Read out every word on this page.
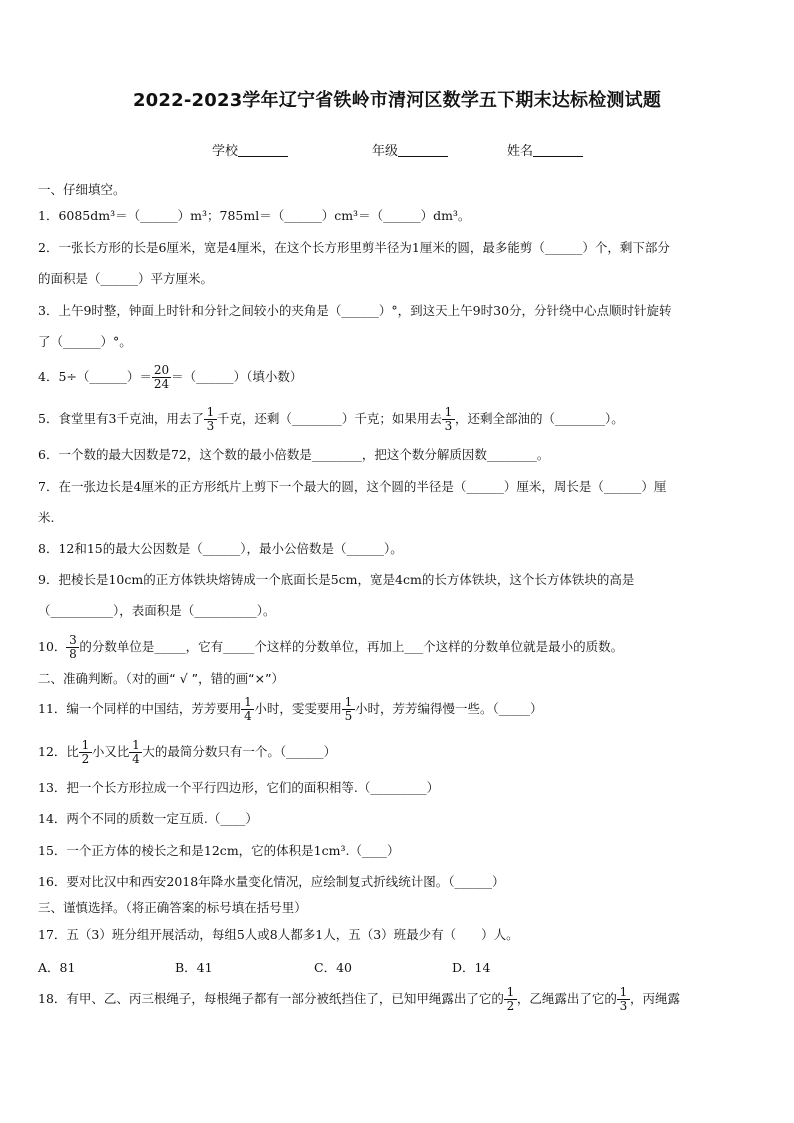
2022-2023学年辽宁省铁岭市清河区数学五下期末达标检测试题
学校	年级	姓名
一、仔细填空。
1．6085dm³＝（______）m³；785ml＝（______）cm³＝（______）dm³。
2．一张长方形的长是6厘米，宽是4厘米，在这个长方形里剪半径为1厘米的圆，最多能剪（______）个，剩下部分
的面积是（______）平方厘米。
3．上午9时整，钟面上时针和分针之间较小的夹角是（______）°，到这天上午9时30分，分针绕中心点顺时针旋转
了（______）°。
4．5÷（______）＝ $\frac{20}{24}$ ＝（______）（填小数）
5．食堂里有3千克油，用去了 $\frac{1}{3}$ 千克，还剩（________）千克；如果用去 $\frac{1}{3}$ ，还剩全部油的（________）。
6．一个数的最大因数是72，这个数的最小倍数是________，把这个数分解质因数________。
7．在一张边长是4厘米的正方形纸片上剪下一个最大的圆，这个圆的半径是（______）厘米，周长是（______）厘
米.
8．12和15的最大公因数是（______），最小公倍数是（______）。
9．把棱长是10cm的正方体铁块熔铸成一个底面长是5cm，宽是4cm的长方体铁块，这个长方体铁块的高是
（__________），表面积是（__________）。
10． $\frac{3}{8}$ 的分数单位是_____，它有_____个这样的分数单位，再加上___个这样的分数单位就是最小的质数。
二、准确判断。（对的画“ √ ”，错的画“×”）
11．编一个同样的中国结，芳芳要用 $\frac{1}{4}$ 小时，雯雯要用 $\frac{1}{5}$ 小时，芳芳编得慢一些。（_____）
12．比 $\frac{1}{2}$ 小又比 $\frac{1}{4}$ 大的最简分数只有一个。（______）
13．把一个长方形拉成一个平行四边形，它们的面积相等.（_________）
14．两个不同的质数一定互质.（____）
15．一个正方体的棱长之和是12cm，它的体积是1cm³.（____）
16．要对比汉中和西安2018年降水量变化情况，应绘制复式折线统计图。（______）
三、谨慎选择。（将正确答案的标号填在括号里）
17．五（3）班分组开展活动，每组5人或8人都多1人，五（3）班最少有（　　）人。
A．81	B．41	C．40	D．14
18．有甲、乙、丙三根绳子，每根绳子都有一部分被纸挡住了，已知甲绳露出了它的 $\frac{1}{2}$ ，乙绳露出了它的 $\frac{1}{3}$ ，丙绳露
